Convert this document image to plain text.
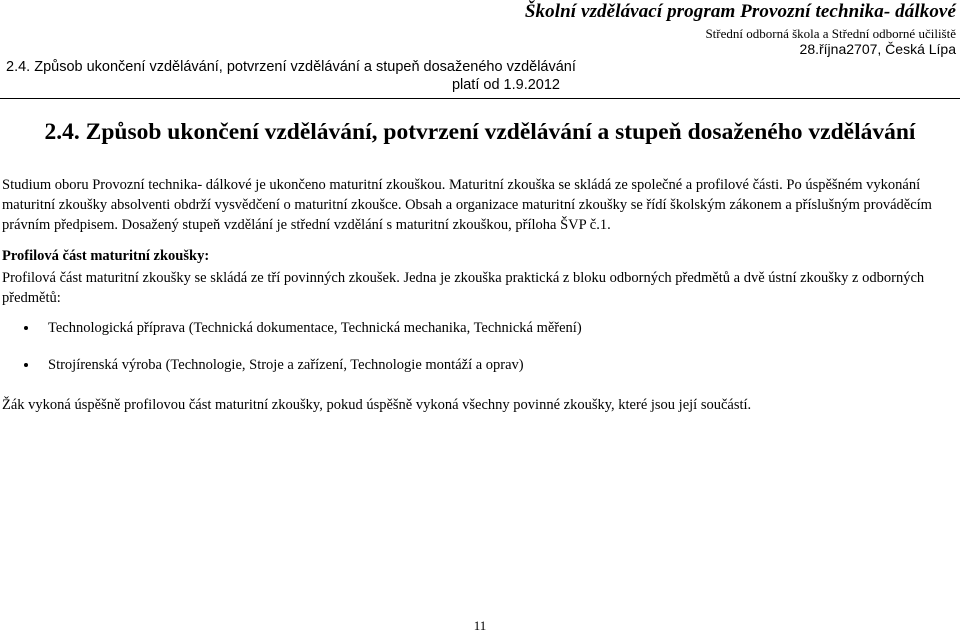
Školní vzdělávací program Provozní technika- dálkové
Střední odborná škola a Střední odborné učiliště
28.října2707, Česká Lípa
2.4. Způsob ukončení vzdělávání, potvrzení vzdělávání a stupeň dosaženého vzdělávání
platí od 1.9.2012
2.4. Způsob ukončení vzdělávání, potvrzení vzdělávání a stupeň dosaženého vzdělávání
Studium oboru Provozní technika- dálkové je ukončeno maturitní zkouškou. Maturitní zkouška se skládá ze společné a profilové části. Po úspěšném vykonání maturitní zkoušky absolventi obdrží vysvědčení o maturitní zkoušce. Obsah a organizace maturitní zkoušky se řídí školským zákonem a příslušným prováděcím právním předpisem. Dosažený stupeň vzdělání je střední vzdělání s maturitní zkouškou, příloha ŠVP č.1.
Profilová část maturitní zkoušky:
Profilová část maturitní zkoušky se skládá ze tří povinných zkoušek. Jedna je zkouška praktická z bloku odborných předmětů a dvě ústní zkoušky z odborných předmětů:
Technologická příprava (Technická dokumentace, Technická mechanika, Technická měření)
Strojírenská výroba (Technologie, Stroje a zařízení, Technologie montáží a oprav)
Žák vykoná úspěšně profilovou část maturitní zkoušky, pokud úspěšně vykoná všechny povinné zkoušky, které jsou její součástí.
11
